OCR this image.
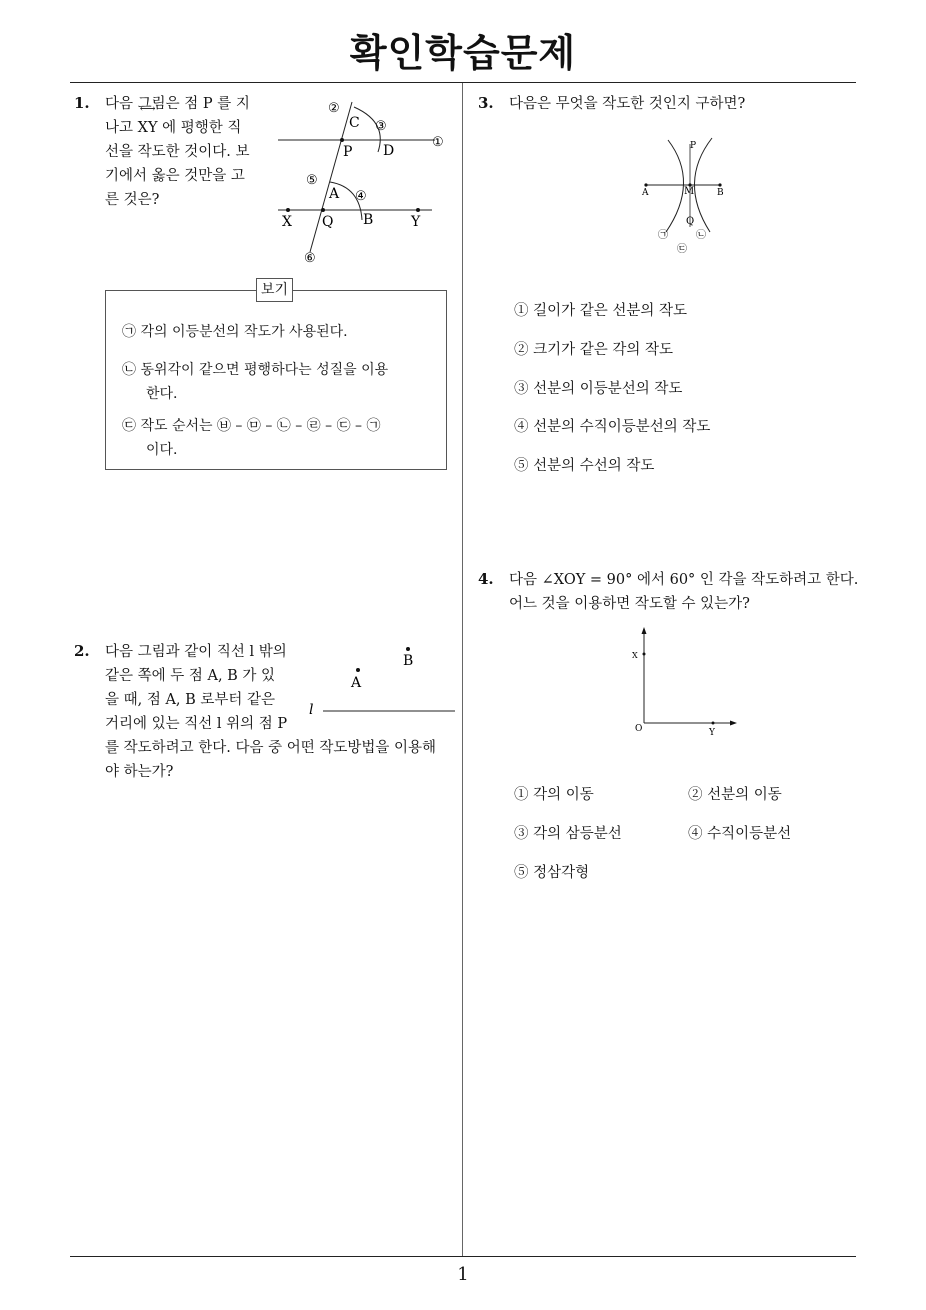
확인학습문제
1. 다음 그림은 점 P 를 지

나고 ⟷ XY 에 평행한 직

선을 작도한 것이다. 보

기에서 옳은 것만을 고

른 것은?

②
C ③
①
P D
⑤
A ④
X Q B	Y
⑥
보기
㉠ 각의 이등분선의 작도가 사용된다.
㉡ 동위각이 같으면 평행하다는 성질을 이용
한다.
㉢ 작도 순서는 ㉥ – ㉤ – ㉡ – ㉣ – ㉢ – ㉠
이다.
2. 다음 그림과 같이 직선 l 밖의

같은 쪽에 두 점 A, B 가 있

을 때, 점 A, B 로부터 같은

거리에 있는 직선 l 위의 점 P

를 작도하려고 한다. 다음 중 어떤 작도방법을 이용해

야 하는가?

B
A
l
3. 다음은 무엇을 작도한 것인지 구하면?
P
A	M	B
Q
㉠	㉡
㉢
① 길이가 같은 선분의 작도
② 크기가 같은 각의 작도
③ 선분의 이등분선의 작도
④ 선분의 수직이등분선의 작도
⑤ 선분의 수선의 작도
4. 다음 ∠XOY = 90° 에서 60° 인 각을 작도하려고 한다.

어느 것을 이용하면 작도할 수 있는가?

X
O	Y
① 각의 이동	② 선분의 이동
③ 각의 삼등분선	④ 수직이등분선
⑤ 정삼각형
1
